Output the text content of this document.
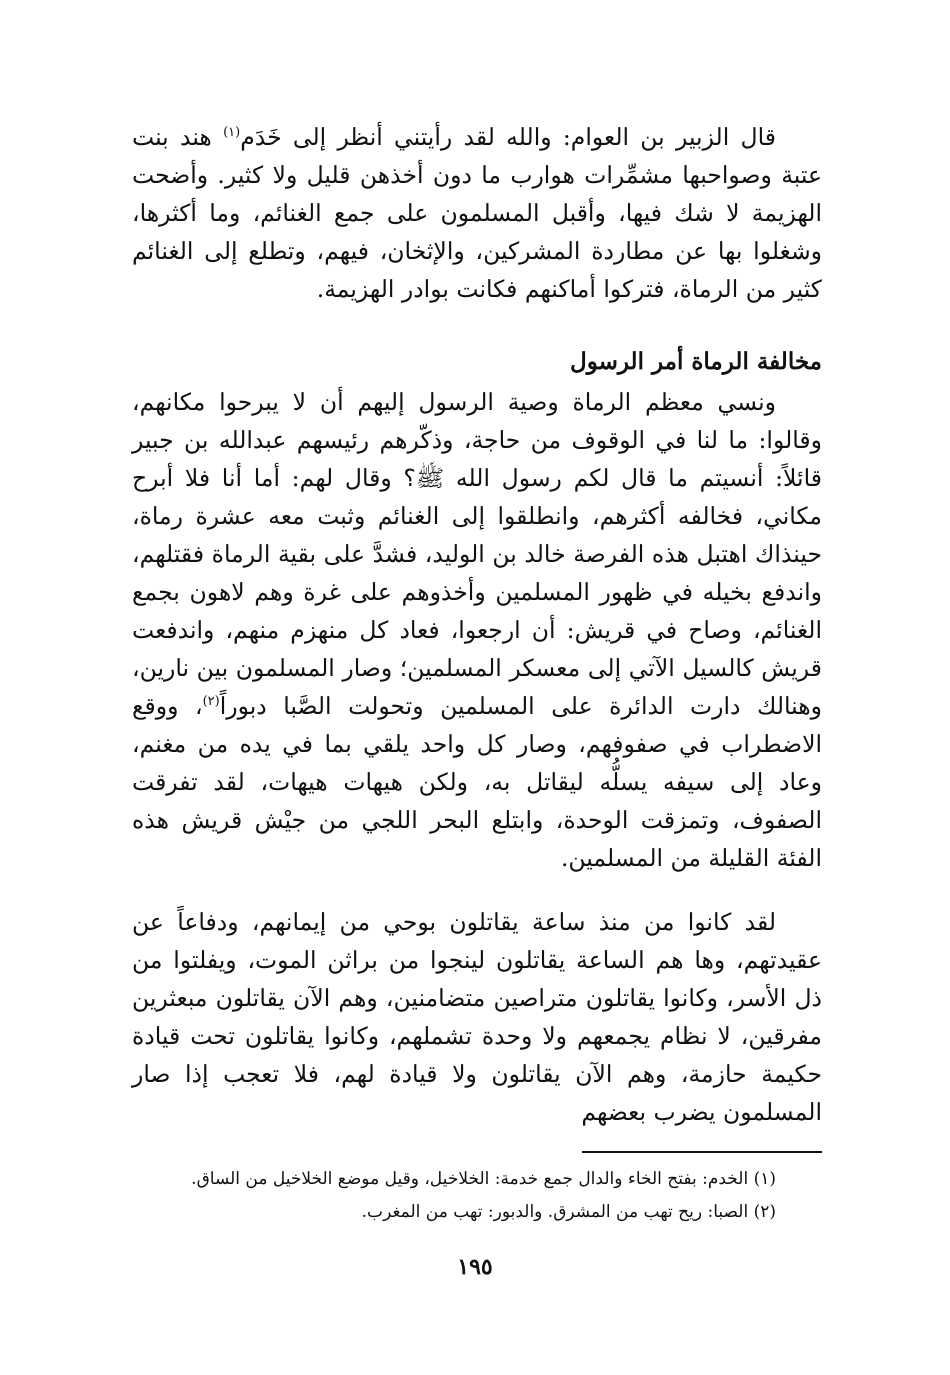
قال الزبير بن العوام: والله لقد رأيتني أنظر إلى خَدَم$^{(١)}$ هند بنت عتبة وصواحبها مشمِّرات هوارب ما دون أخذهن قليل ولا كثير. وأضحت الهزيمة لا شك فيها، وأقبل المسلمون على جمع الغنائم، وما أكثرها، وشغلوا بها عن مطاردة المشركين، والإثخان، فيهم، وتطلع إلى الغنائم كثير من الرماة، فتركوا أماكنهم فكانت بوادر الهزيمة.

مخالفة الرماة أمر الرسول

ونسي معظم الرماة وصية الرسول إليهم أن لا يبرحوا مكانهم، وقالوا: ما لنا في الوقوف من حاجة، وذكّرهم رئيسهم عبدالله بن جبير قائلاً: أنسيتم ما قال لكم رسول الله ﷺ؟ وقال لهم: أما أنا فلا أبرح مكاني، فخالفه أكثرهم، وانطلقوا إلى الغنائم وثبت معه عشرة رماة، حينذاك اهتبل هذه الفرصة خالد بن الوليد، فشدَّ على بقية الرماة فقتلهم، واندفع بخيله في ظهور المسلمين وأخذوهم على غرة وهم لاهون بجمع الغنائم، وصاح في قريش: أن ارجعوا، فعاد كل منهزم منهم، واندفعت قريش كالسيل الآتي إلى معسكر المسلمين؛ وصار المسلمون بين نارين، وهنالك دارت الدائرة على المسلمين وتحولت الصَّبا دبوراً$^{(٢)}$، ووقع الاضطراب في صفوفهم، وصار كل واحد يلقي بما في يده من مغنم، وعاد إلى سيفه يسلُّه ليقاتل به، ولكن هيهات هيهات، لقد تفرقت الصفوف، وتمزقت الوحدة، وابتلع البحر اللجي من جيْش قريش هذه الفئة القليلة من المسلمين.

لقد كانوا من منذ ساعة يقاتلون بوحي من إيمانهم، ودفاعاً عن عقيدتهم، وها هم الساعة يقاتلون لينجوا من براثن الموت، ويفلتوا من ذل الأسر، وكانوا يقاتلون متراصين متضامنين، وهم الآن يقاتلون مبعثرين مفرقين، لا نظام يجمعهم ولا وحدة تشملهم، وكانوا يقاتلون تحت قيادة حكيمة حازمة، وهم الآن يقاتلون ولا قيادة لهم، فلا تعجب إذا صار المسلمون يضرب بعضهم

(١) الخدم: بفتح الخاء والدال جمع خدمة: الخلاخيل، وقيل موضع الخلاخيل من الساق.

(٢) الصبا: ريح تهب من المشرق. والدبور: تهب من المغرب.

١٩٥
